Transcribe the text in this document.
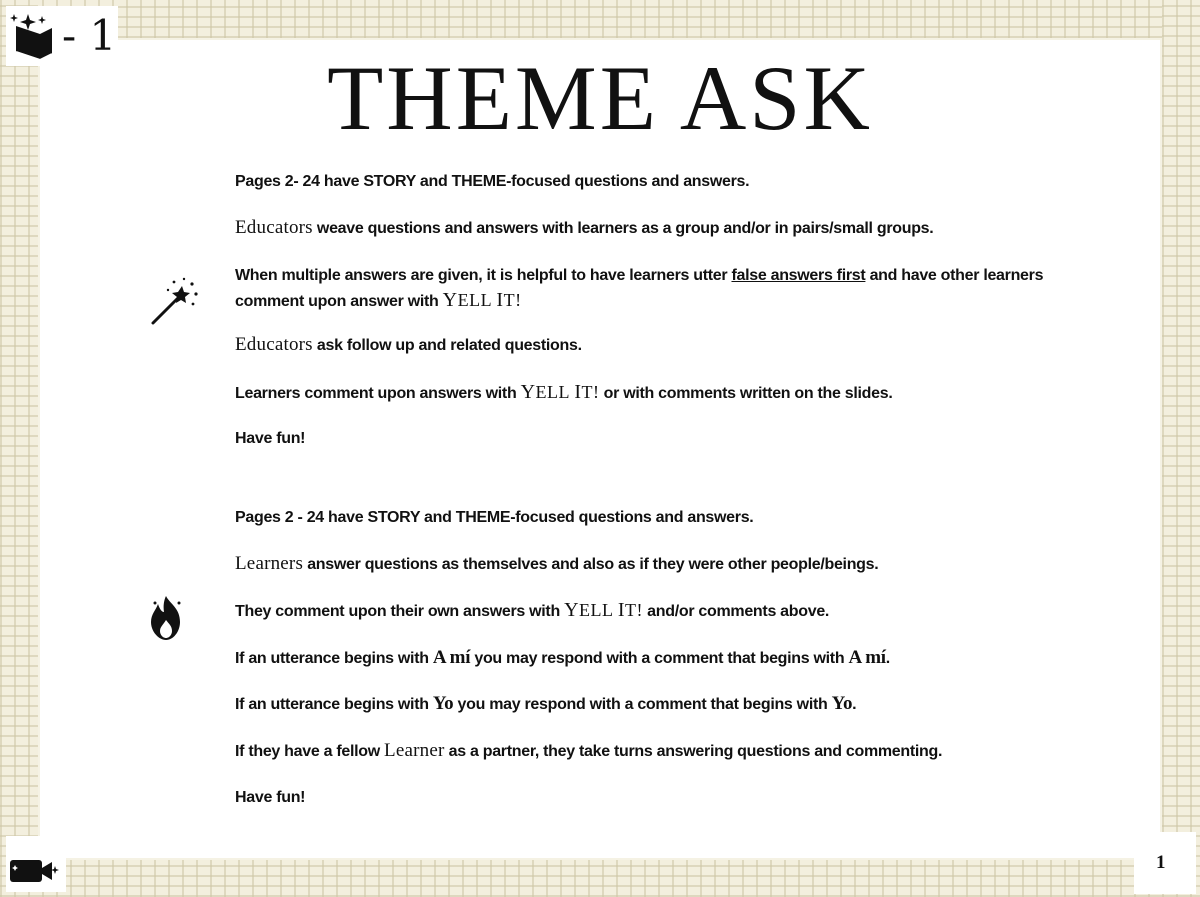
- 1
THEME ASK
Pages 2- 24 have STORY and THEME-focused questions and answers.
Educators weave questions and answers with learners as a group and/or in pairs/small groups.
When multiple answers are given, it is helpful to have learners utter false answers first and have other learners
comment upon answer with YELL IT!
Educators ask follow up and related questions.
Learners comment upon answers with YELL IT! or with comments written on the slides.
Have fun!
Pages 2 - 24 have STORY and THEME-focused questions and answers.
Learners answer questions as themselves and also as if they were other people/beings.
They comment upon their own answers with YELL IT! and/or comments above.
If an utterance begins with A mí you may respond with a comment that begins with A mí.
If an utterance begins with Yo you may respond with a comment that begins with Yo.
If they have a fellow Learner as a partner, they take turns answering questions and commenting.
Have fun!
1
